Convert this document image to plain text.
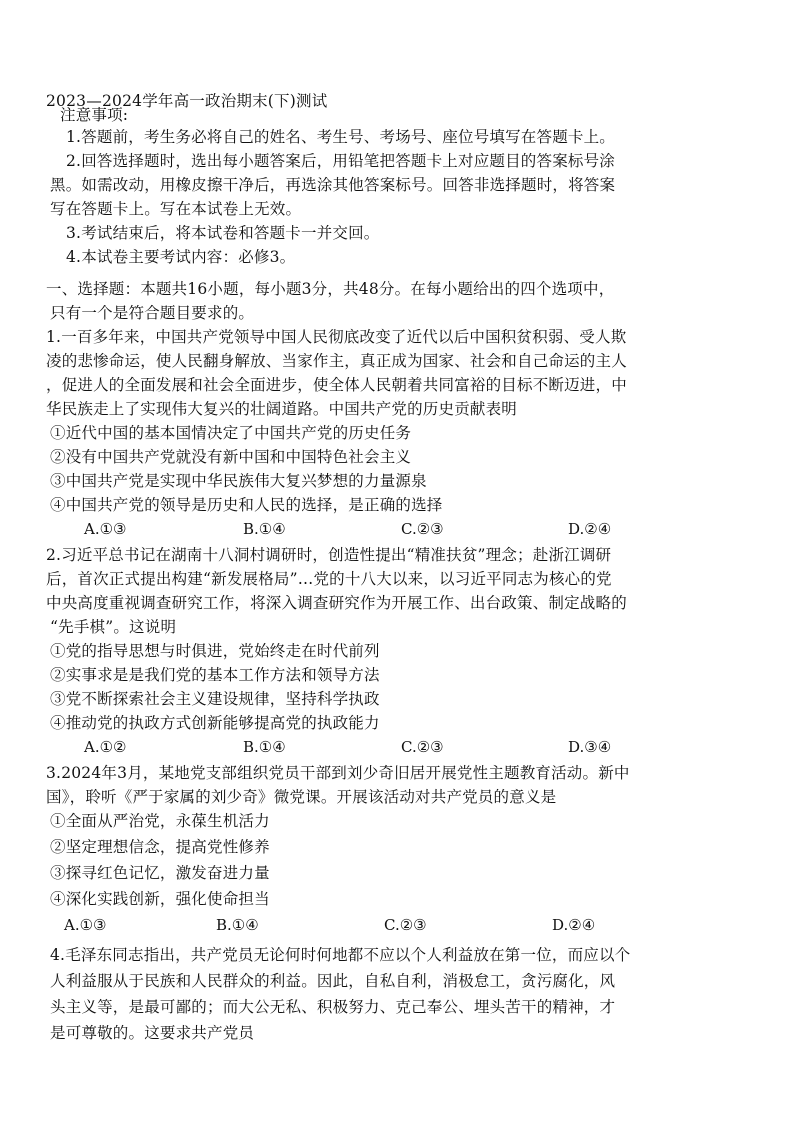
2023—2024学年高一政治期末(下)测试
注意事项:
1.答题前，考生务必将自己的姓名、考生号、考场号、座位号填写在答题卡上。
2.回答选择题时，选出每小题答案后，用铅笔把答题卡上对应题目的答案标号涂
黑。如需改动，用橡皮擦干净后，再选涂其他答案标号。回答非选择题时，将答案
写在答题卡上。写在本试卷上无效。
3.考试结束后，将本试卷和答题卡一并交回。
4.本试卷主要考试内容：必修3。
一、选择题：本题共16小题，每小题3分，共48分。在每小题给出的四个选项中，
只有一个是符合题目要求的。
1.一百多年来，中国共产党领导中国人民彻底改变了近代以后中国积贫积弱、受人欺
凌的悲惨命运，使人民翻身解放、当家作主，真正成为国家、社会和自己命运的主人
，促进人的全面发展和社会全面进步，使全体人民朝着共同富裕的目标不断迈进，中
华民族走上了实现伟大复兴的壮阔道路。中国共产党的历史贡献表明
①近代中国的基本国情决定了中国共产党的历史任务
②没有中国共产党就没有新中国和中国特色社会主义
③中国共产党是实现中华民族伟大复兴梦想的力量源泉
④中国共产党的领导是历史和人民的选择，是正确的选择
A.①③	B.①④	C.②③	D.②④
2.习近平总书记在湖南十八洞村调研时，创造性提出“精准扶贫”理念；赴浙江调研
后，首次正式提出构建“新发展格局”…党的十八大以来，以习近平同志为核心的党
中央高度重视调查研究工作，将深入调查研究作为开展工作、出台政策、制定战略的
“先手棋”。这说明
①党的指导思想与时俱进，党始终走在时代前列
②实事求是是我们党的基本工作方法和领导方法
③党不断探索社会主义建设规律，坚持科学执政
④推动党的执政方式创新能够提高党的执政能力
A.①②	B.①④	C.②③	D.③④
3.2024年3月，某地党支部组织党员干部到刘少奇旧居开展党性主题教育活动。新中
国》，聆听《严于家属的刘少奇》微党课。开展该活动对共产党员的意义是
①全面从严治党，永葆生机活力
②坚定理想信念，提高党性修养
③探寻红色记忆，激发奋进力量
④深化实践创新，强化使命担当
A.①③	B.①④	C.②③	D.②④
4.毛泽东同志指出，共产党员无论何时何地都不应以个人利益放在第一位，而应以个
人利益服从于民族和人民群众的利益。因此，自私自利，消极怠工，贪污腐化，风
头主义等，是最可鄙的；而大公无私、积极努力、克己奉公、埋头苦干的精神，才
是可尊敬的。这要求共产党员
